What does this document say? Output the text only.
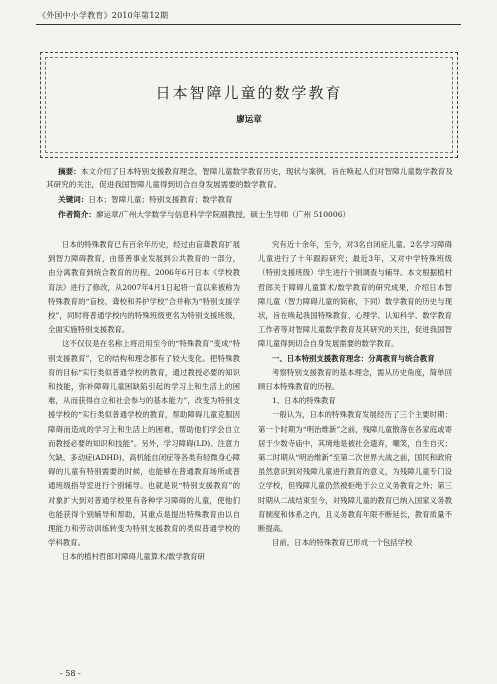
《外国中小学教育》2010年第12期
日本智障儿童的数学教育
廖运章
摘要：本文介绍了日本特别支援教育理念，智障儿童数学教育历史，现状与案例，旨在唤起人们对智障儿童数学教育及其研究的关注，促进我国智障儿童得到切合自身发展需要的数学教育。
关键词：日本；智障儿童；特别支援教育；数学教育
作者简介：廖运章/广州大学数学与信息科学学院副教授，硕士生导师（广州 510006）

日本的特殊教育已有百余年历史，经过由盲聋教育扩展到智力障碍教育，由慈善事业发展到公共教育的一部分，由分离教育到统合教育的历程。2006年6月日本《学校教育法》进行了修改，从2007年4月1日起将一直以来被称为特殊教育的“盲校、聋校和养护学校”合并称为“特别支援学校”，同时将普通学校内的特殊班级更名为特别支援班级，全面实施特别支援教育。

这不仅仅是在名称上将沿用至今的“特殊教育”变成“特别支援教育”，它的结构和理念都有了较大变化。把特殊教育的目标“实行类似普通学校的教育，通过教授必要的知识和技能，弥补障碍儿童困缺陷引起的学习上和生活上的困难，从而获得自立和社会参与的基本能力”，改变为特别支援学校的“实行类似普通学校的教育，帮助障碍儿童克服因障碍而造成的学习上和生活上的困难，帮助他们学会自立而教授必要的知识和技能”。另外，学习障碍(LD)、注意力欠缺、多动症(ADHD)、高机能自闭症等各类有轻微身心障碍的儿童有特别需要的时候，也能够在普通教育场所或普通班级指导室进行个别辅导。也就是说“特别支援教育”的对象扩大到对普通学校里有各种学习障碍的儿童，使他们也能获得个别辅导和帮助，其重点是提出特殊教育由以自理能力和劳动训练转变为特别支援教育的类似普通学校的学科教育。

日本的植村哲郎对障碍儿童算术/数学教育研

究有近十余年，至今，对3名自闭症儿童、2名学习障碍儿童进行了十年跟踪研究；最近3年，又对中学特殊班级（特别支援班级）学生进行个别调查与辅导。本文根据植村哲郎关于障碍儿童算术/数学教育的研究成果，介绍日本智障儿童（智力障碍儿童的简称，下同）数学教育的历史与现状，旨在唤起我国特殊教育、心理学、认知科学、数学教育工作者等对智障儿童数学教育及其研究的关注，促进我国智障儿童得到切合自身发展需要的数学教育。

一、日本特别支援教育理念：分离教育与统合教育

考察特别支援教育的基本理念，需从历史角度，简单回顾日本特殊教育的历程。

1、日本的特殊教育

一般认为，日本的特殊教育发展经历了三个主要时期：第一个时期为“明治维新”之前，残障儿童散落在各家庭或寄居于少数寺庙中，其境地是被社会遗弃，嘲笑，自生自灭；第二时期从“明治维新”至第二次世界大战之前，国民和政府虽然意识到对残障儿童进行教育的意义，为残障儿童专门设立学校，但残障儿童仍然被拒绝于公立义务教育之外；第三时期从二战结束至今，对残障儿童的教育已纳入国家义务教育制度和体系之内，且义务教育年限不断延长，教育质量不断提高。

目前，日本的特殊教育已形成一个包括学校

- 58 -
